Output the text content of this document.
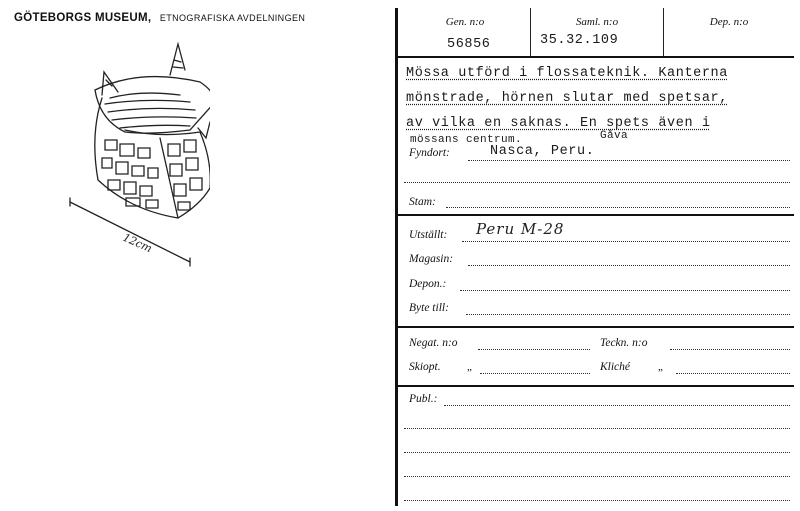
GÖTEBORGS MUSEUM, ETNOGRAFISKA AVDELNINGEN
12cm
Gen. n:o	Saml. n:o	Dep. n:o
56856	35.32.109
Mössa utförd i flossateknik. Kanterna
mönstrade, hörnen slutar med spetsar,
av vilka en saknas. En spets även i
mössans centrum.	Gåva
Fyndort:	Nasca, Peru.
Stam:
Utställt: Peru M-28
Magasin:
Depon.:
Byte till:
Negat. n:o	Teckn. n:o
Skiopt. „	Kliché	„
Publ.:
